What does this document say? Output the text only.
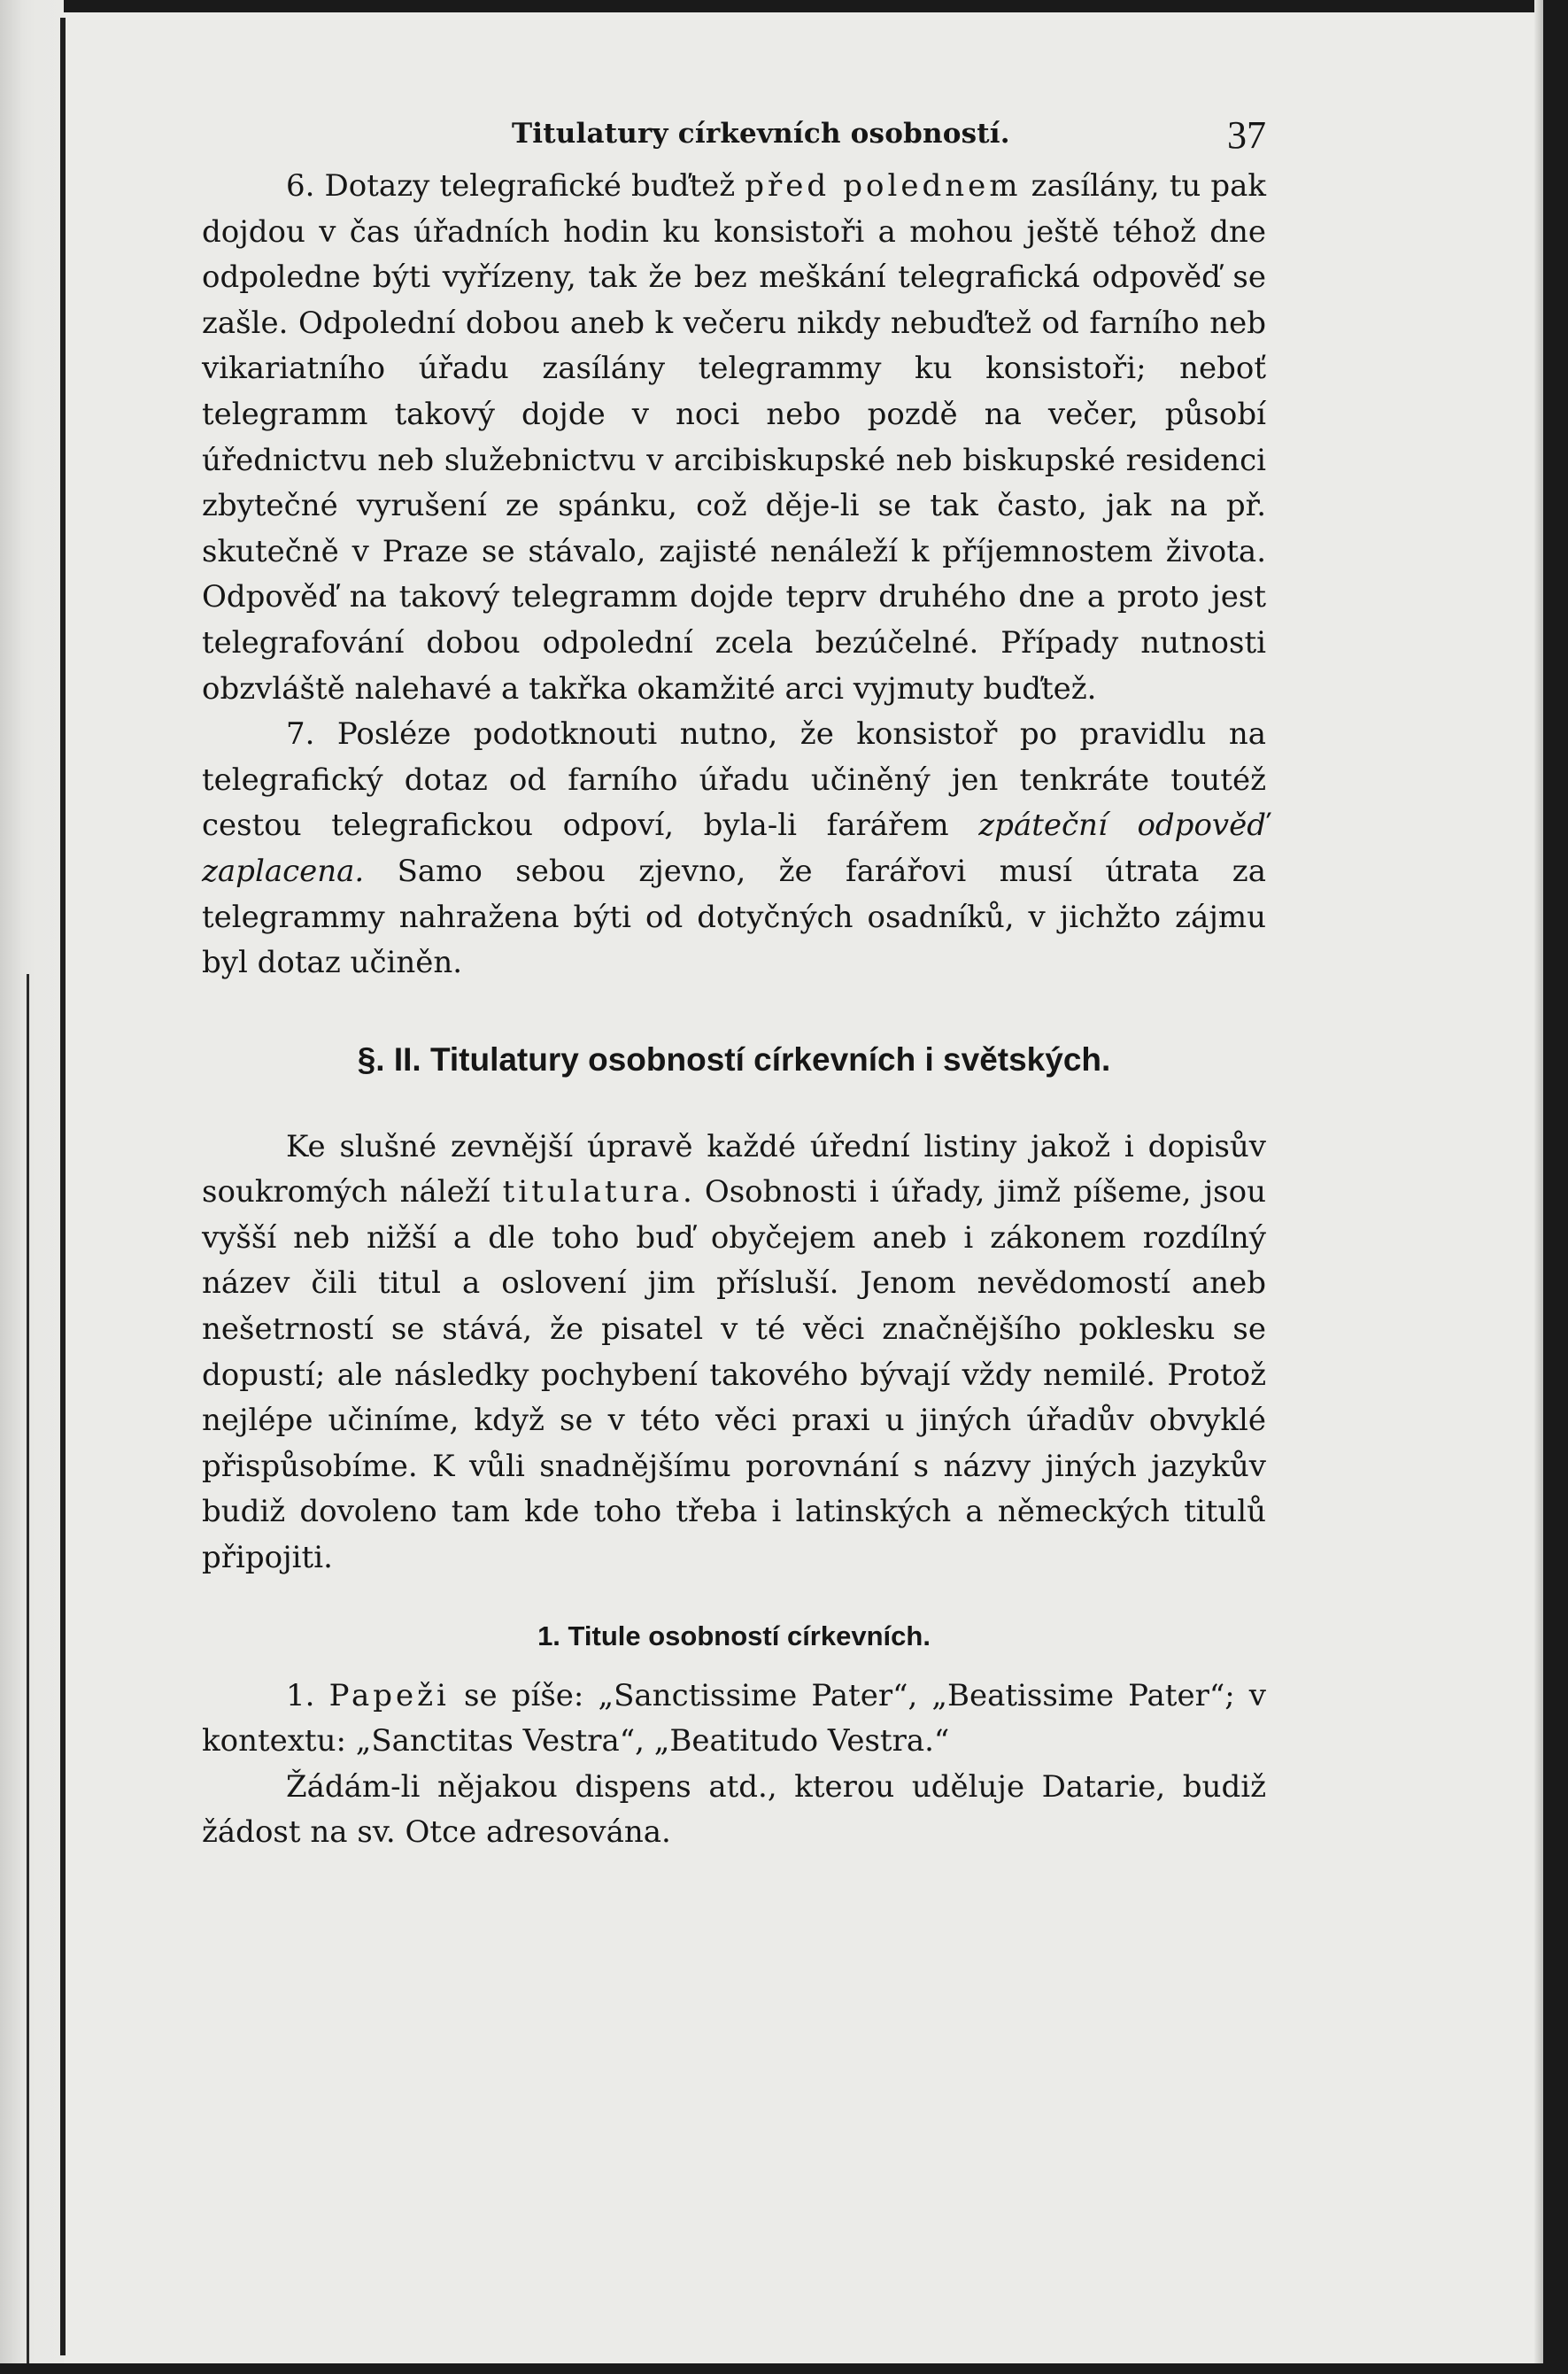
Titulatury církevních osobností.	37

6. Dotazy telegrafické buďtež před polednem zasílány, tu pak dojdou v čas úřadních hodin ku konsistoři a mohou ještě téhož dne odpoledne býti vyřízeny, tak že bez meškání telegrafická odpověď se zašle. Odpolední dobou aneb k večeru nikdy nebuďtež od farního neb vikariatního úřadu zasílány telegrammy ku konsistoři; neboť telegramm takový dojde v noci nebo pozdě na večer, působí úřednictvu neb služebnictvu v arcibiskupské neb biskupské residenci zbytečné vyrušení ze spánku, což děje-li se tak často, jak na př. skutečně v Praze se stávalo, zajisté nenáleží k příjemnostem života. Odpověď na takový telegramm dojde teprv druhého dne a proto jest telegrafování dobou odpolední zcela bezúčelné. Případy nutnosti obzvláště nalehavé a takřka okamžité arci vyjmuty buďtež.

7. Posléze podotknouti nutno, že konsistoř po pravidlu na telegrafický dotaz od farního úřadu učiněný jen tenkráte toutéž cestou telegrafickou odpoví, byla-li farářem zpáteční odpověď zaplacena. Samo sebou zjevno, že farářovi musí útrata za telegrammy nahražena býti od dotyčných osadníků, v jichžto zájmu byl dotaz učiněn.

§. II. Titulatury osobností církevních i světských.

Ke slušné zevnější úpravě každé úřední listiny jakož i dopisův soukromých náleží titulatura. Osobnosti i úřady, jimž píšeme, jsou vyšší neb nižší a dle toho buď obyčejem aneb i zákonem rozdílný název čili titul a oslovení jim přísluší. Jenom nevědomostí aneb nešetrností se stává, že pisatel v té věci značnějšího poklesku se dopustí; ale následky pochybení takového bývají vždy nemilé. Protož nejlépe učiníme, když se v této věci praxi u jiných úřadův obvyklé přispůsobíme. K vůli snadnějšímu porovnání s názvy jiných jazykův budiž dovoleno tam kde toho třeba i latinských a německých titulů připojiti.

1. Titule osobností církevních.

1. Papeži se píše: „Sanctissime Pater“, „Beatissime Pater“; v kontextu: „Sanctitas Vestra“, „Beatitudo Vestra.“

Žádám-li nějakou dispens atd., kterou uděluje Datarie, budiž žádost na sv. Otce adresována.
